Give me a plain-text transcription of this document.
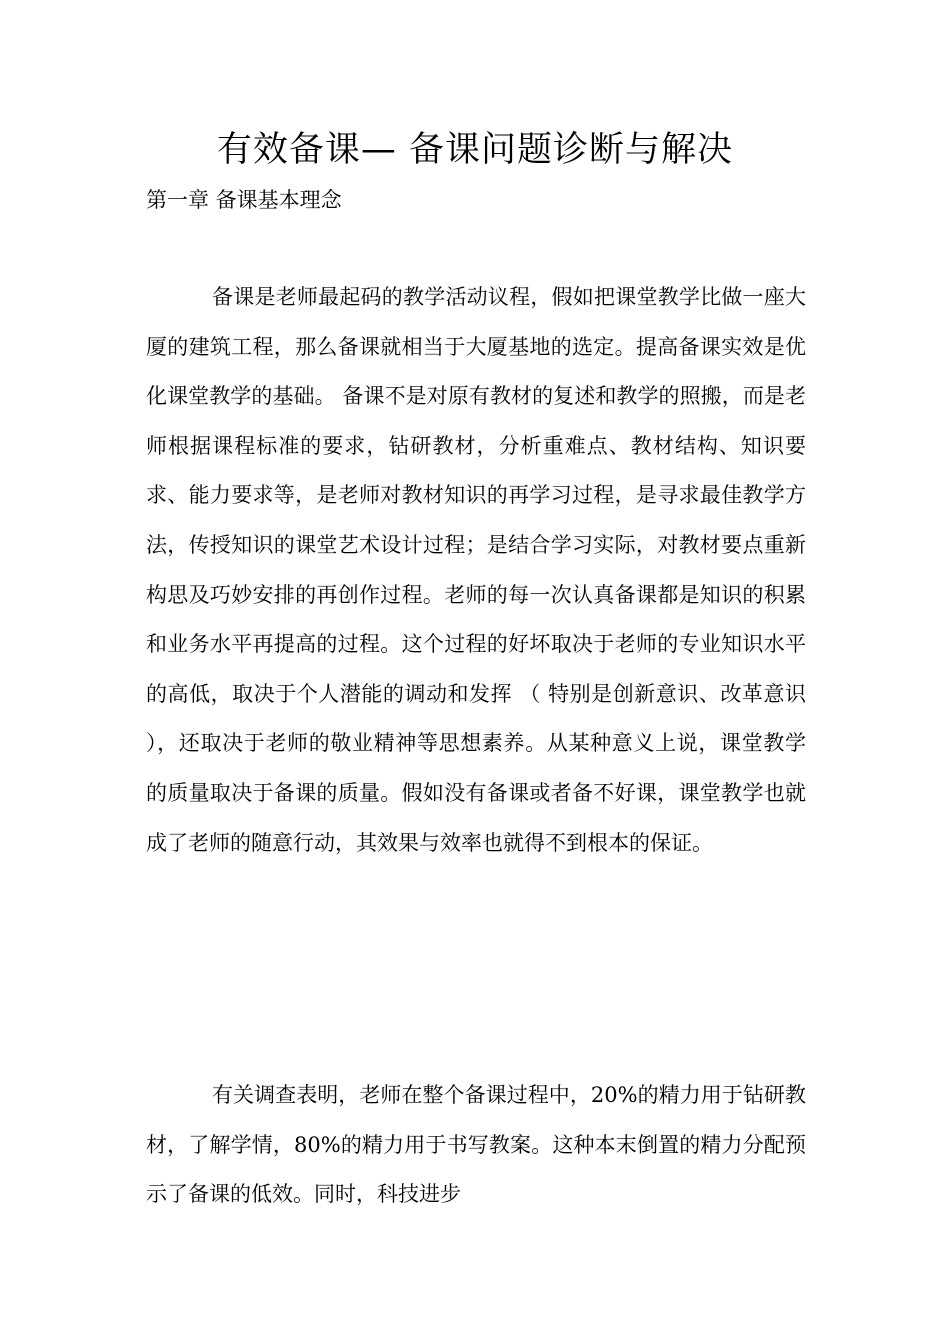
有效备课— 备课问题诊断与解决

第一章 备课基本理念

备课是老师最起码的教学活动议程，假如把课堂教学比做一座大厦的建筑工程，那么备课就相当于大厦基地的选定。提高备课实效是优化课堂教学的基础。 备课不是对原有教材的复述和教学的照搬，而是老师根据课程标准的要求，钻研教材，分析重难点、教材结构、知识要求、能力要求等，是老师对教材知识的再学习过程，是寻求最佳教学方法，传授知识的课堂艺术设计过程；是结合学习实际，对教材要点重新构思及巧妙安排的再创作过程。老师的每一次认真备课都是知识的积累和业务水平再提高的过程。这个过程的好坏取决于老师的专业知识水平的高低，取决于个人潜能的调动和发挥 （ 特别是创新意识、改革意识 ），还取决于老师的敬业精神等思想素养。从某种意义上说，课堂教学的质量取决于备课的质量。假如没有备课或者备不好课，课堂教学也就成了老师的随意行动，其效果与效率也就得不到根本的保证。

有关调查表明，老师在整个备课过程中，20%的精力用于钻研教材，了解学情，80%的精力用于书写教案。这种本末倒置的精力分配预示了备课的低效。同时，科技进步
